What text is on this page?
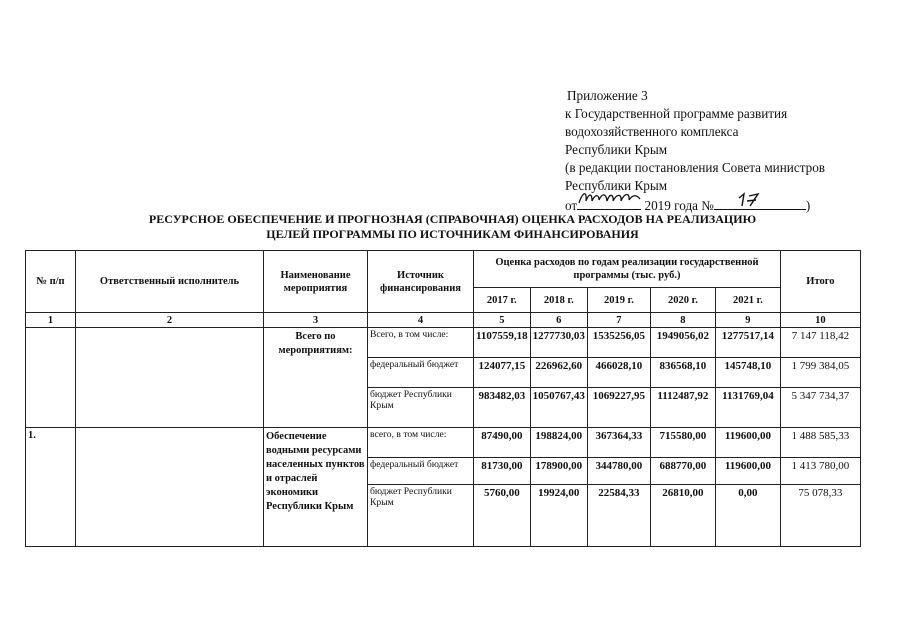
Приложение 3
к Государственной программе развития
водохозяйственного комплекса
Республики Крым
(в редакции постановления Совета министров
Республики Крым
от	2019 года №	)
РЕСУРСНОЕ ОБЕСПЕЧЕНИЕ И ПРОГНОЗНАЯ (СПРАВОЧНАЯ) ОЦЕНКА РАСХОДОВ НА РЕАЛИЗАЦИЮ
ЦЕЛЕЙ ПРОГРАММЫ ПО ИСТОЧНИКАМ ФИНАНСИРОВАНИЯ
№ п/п	Ответственный исполнитель	Наименование мероприятия	Источник финансирования	Оценка расходов по годам реализации государственной программы (тыс. руб.)					Итого
				2017 г.	2018 г.	2019 г.	2020 г.	2021 г.	
1	2	3	4	5	6	7	8	9	10
		Всего по мероприятиям:	Всего, в том числе:	1107559,18	1277730,03	1535256,05	1949056,02	1277517,14	7 147 118,42
			федеральный бюджет	124077,15	226962,60	466028,10	836568,10	145748,10	1 799 384,05
			бюджет Республики Крым	983482,03	1050767,43	1069227,95	1112487,92	1131769,04	5 347 734,37
1.		Обеспечение водными ресурсами населенных пунктов и отраслей экономики Республики Крым	всего, в том числе:	87490,00	198824,00	367364,33	715580,00	119600,00	1 488 585,33
			федеральный бюджет	81730,00	178900,00	344780,00	688770,00	119600,00	1 413 780,00
			бюджет Республики Крым	5760,00	19924,00	22584,33	26810,00	0,00	75 078,33
